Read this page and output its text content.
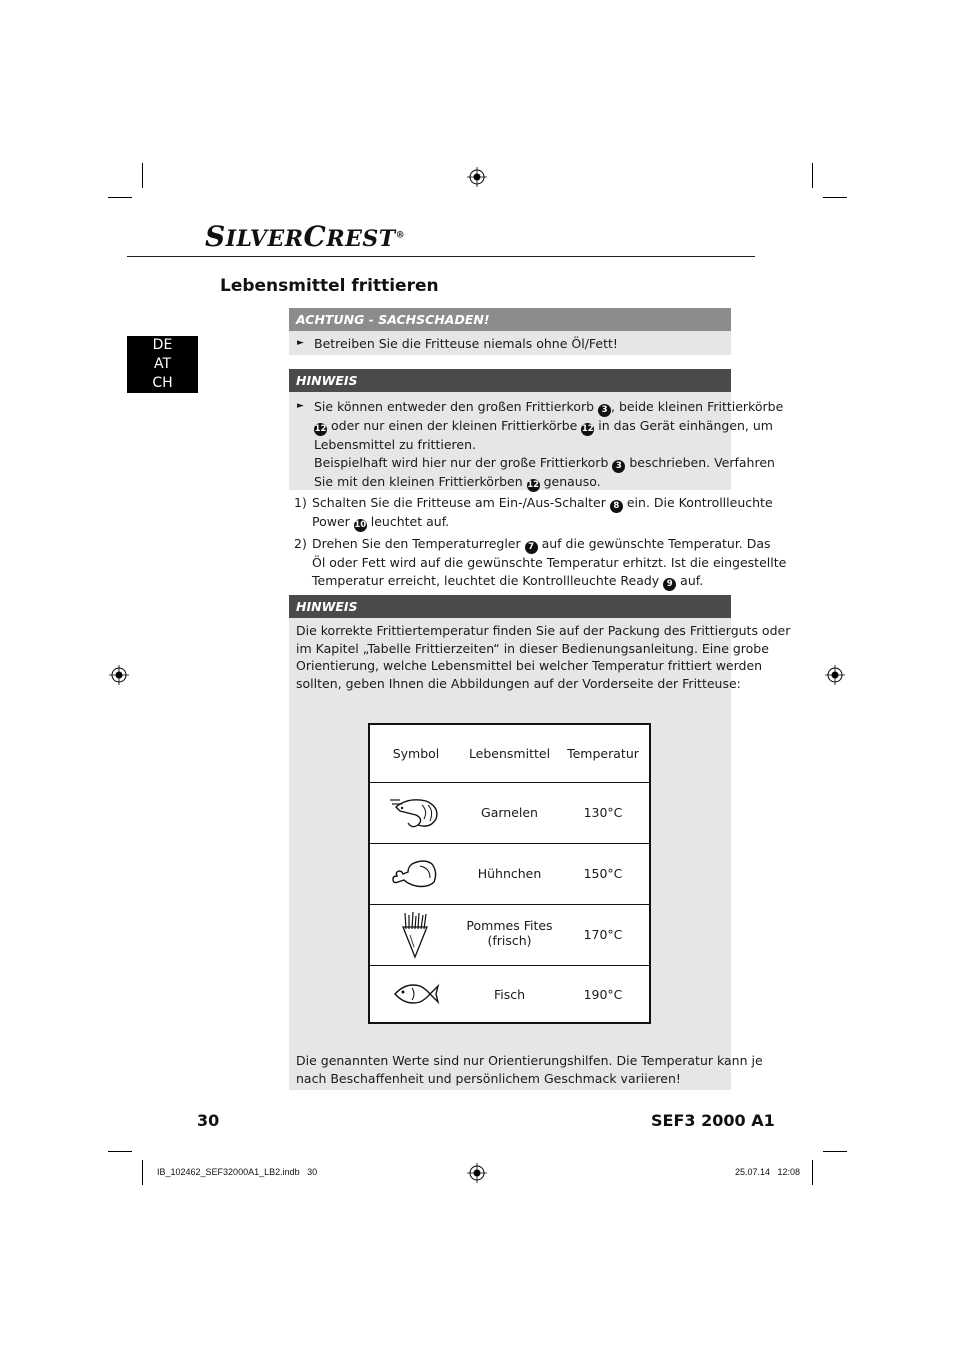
SILVERCREST®
Lebensmittel frittieren
DE
AT
CH
ACHTUNG - SACHSCHADEN!
► Betreiben Sie die Fritteuse niemals ohne Öl/Fett!
HINWEIS
► Sie können entweder den großen Frittierkorb 3 , beide kleinen Frittierkörbe
12 oder nur einen der kleinen Frittierkörbe 12 in das Gerät einhängen, um
Lebensmittel zu frittieren.
Beispielhaft wird hier nur der große Frittierkorb 3 beschrieben. Verfahren
Sie mit den kleinen Frittierkörben 12 genauso.
1) Schalten Sie die Fritteuse am Ein-/Aus-Schalter 8 ein. Die Kontrollleuchte
Power 10 leuchtet auf.
2) Drehen Sie den Temperaturregler 7 auf die gewünschte Temperatur. Das
Öl oder Fett wird auf die gewünschte Temperatur erhitzt. Ist die eingestellte
Temperatur erreicht, leuchtet die Kontrollleuchte Ready 9 auf.
HINWEIS
Die korrekte Frittiertemperatur finden Sie auf der Packung des Frittierguts oder
im Kapitel „Tabelle Frittierzeiten“ in dieser Bedienungsanleitung. Eine grobe
Orientierung, welche Lebensmittel bei welcher Temperatur frittiert werden
sollten, geben Ihnen die Abbildungen auf der Vorderseite der Fritteuse:
Die genannten Werte sind nur Orientierungshilfen. Die Temperatur kann je
nach Beschaffenheit und persönlichem Geschmack variieren!
Symbol	Lebensmittel	Temperatur
Garnelen	130°C
Hühnchen	150°C
Pommes Fites
(frisch)	170°C
Fisch	190°C
30	SEF3 2000 A1
IB_102462_SEF32000A1_LB2.indb   30	25.07.14   12:08
